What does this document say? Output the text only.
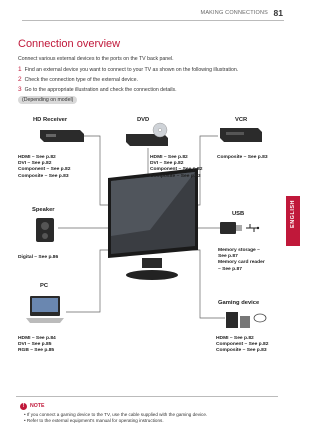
MAKING CONNECTIONS 81
ENGLISH
Connection overview
Connect various external devices to the ports on the TV back panel.
1 Find an external device you want to connect to your TV as shown on the following illustration.
2 Check the connection type of the external device.
3 Go to the appropriate illustration and check the connection details.
(Depending on model)
HD Receiver	DVD	VCR
Speaker
USB
PC
Gaming device
HDMI – See p.82
DVI – See p.82
Component – See p.82
Composite – See p.83
HDMI – See p.82
DVI – See p.82
Component – See p.82
Composite – See p.83
Composite – See p.83
Digital – See p.86
Memory storage –
See p.87
Memory card reader
– See p.87
HDMI – See p.84
DVI – See p.85
RGB – See p.85
HDMI – See p.82
Component – See p.82
Composite – See p.83
!	NOTE
• If you connect a gaming device to the TV, use the cable supplied with the gaming device.
• Refer to the external equipment's manual for operating instructions.
